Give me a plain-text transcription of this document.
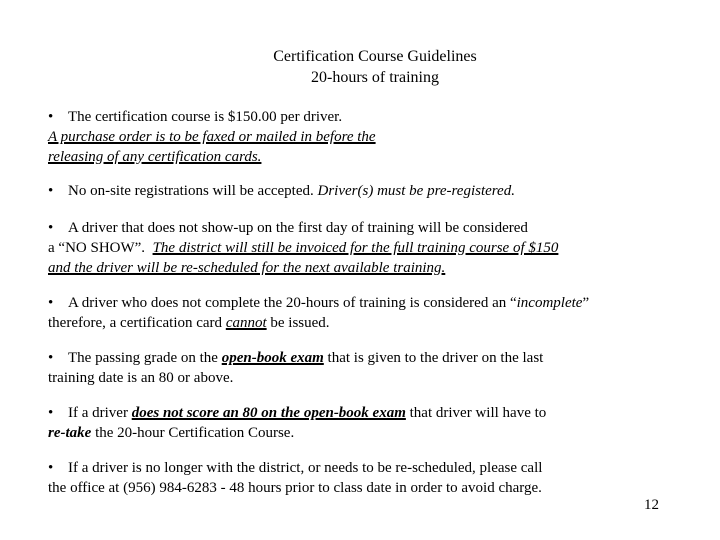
Certification Course Guidelines
20-hours of training
• The certification course is $150.00 per driver.
A purchase order is to be faxed or mailed in before the
releasing of any certification cards.
• No on-site registrations will be accepted. Driver(s) must be pre-registered.
• A driver that does not show-up on the first day of training will be considered
a “NO SHOW”.  The district will still be invoiced for the full training course of $150
and the driver will be re-scheduled for the next available training.
• A driver who does not complete the 20-hours of training is considered an “incomplete”
therefore, a certification card cannot be issued.
• The passing grade on the open-book exam that is given to the driver on the last
training date is an 80 or above.
• If a driver does not score an 80 on the open-book exam that driver will have to
re-take the 20-hour Certification Course.
• If a driver is no longer with the district, or needs to be re-scheduled, please call
the office at (956) 984-6283 - 48 hours prior to class date in order to avoid charge.
12
